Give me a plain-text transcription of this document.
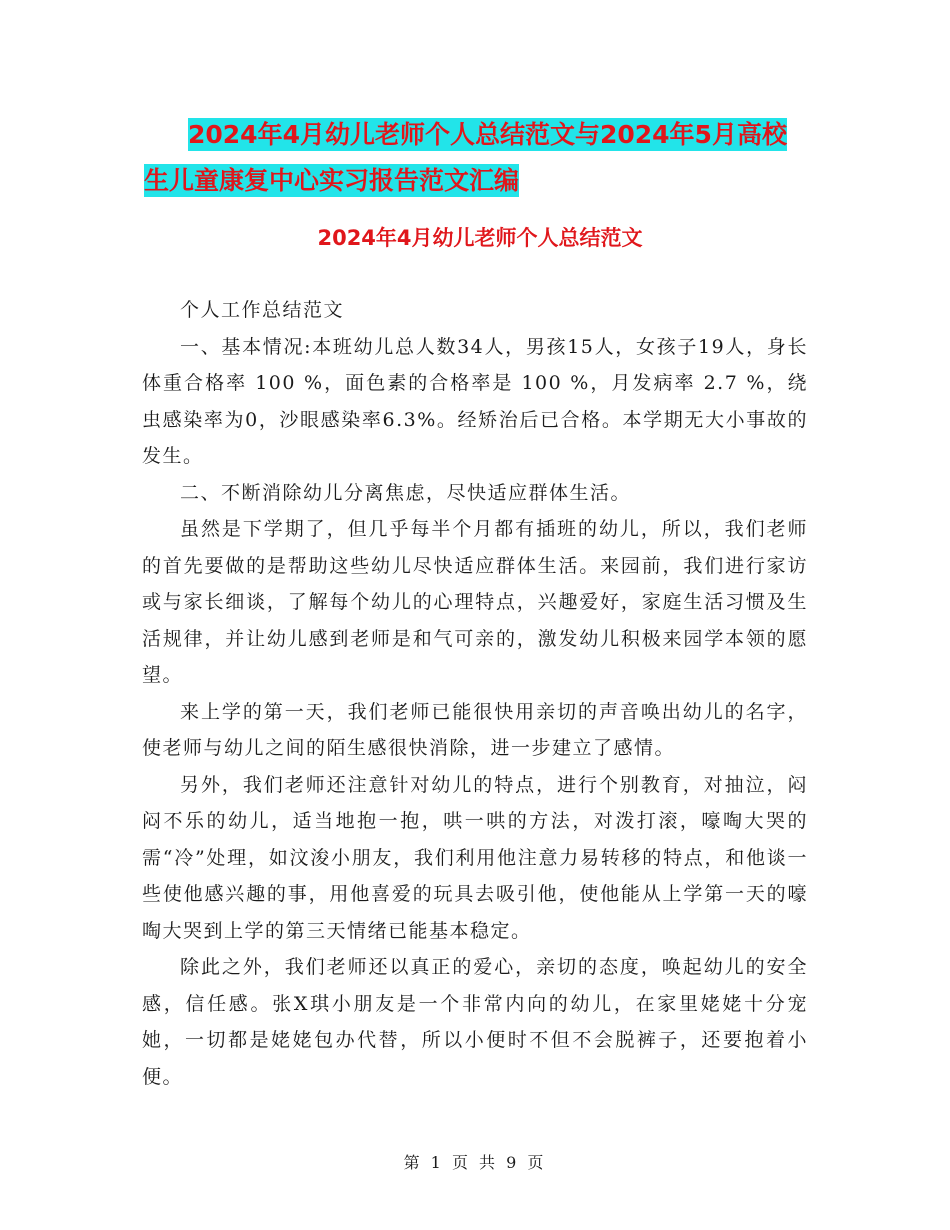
2024年4月幼儿老师个人总结范文与2024年5月高校
生儿童康复中心实习报告范文汇编
2024年4月幼儿老师个人总结范文

个人工作总结范文

一、基本情况:本班幼儿总人数34人，男孩15人，女孩子19人，身长体重合格率 100 %，面色素的合格率是 100 %，月发病率 2.7 %，绕虫感染率为0，沙眼感染率6.3%。经矫治后已合格。本学期无大小事故的发生。

二、不断消除幼儿分离焦虑，尽快适应群体生活。

虽然是下学期了，但几乎每半个月都有插班的幼儿，所以，我们老师的首先要做的是帮助这些幼儿尽快适应群体生活。来园前，我们进行家访或与家长细谈，了解每个幼儿的心理特点，兴趣爱好，家庭生活习惯及生活规律，并让幼儿感到老师是和气可亲的，激发幼儿积极来园学本领的愿望。

来上学的第一天，我们老师已能很快用亲切的声音唤出幼儿的名字，使老师与幼儿之间的陌生感很快消除，进一步建立了感情。

另外，我们老师还注意针对幼儿的特点，进行个别教育，对抽泣，闷闷不乐的幼儿，适当地抱一抱，哄一哄的方法，对泼打滚，嚎啕大哭的需“冷”处理，如汶浚小朋友，我们利用他注意力易转移的特点，和他谈一些使他感兴趣的事，用他喜爱的玩具去吸引他，使他能从上学第一天的嚎啕大哭到上学的第三天情绪已能基本稳定。

除此之外，我们老师还以真正的爱心，亲切的态度，唤起幼儿的安全感，信任感。张X琪小朋友是一个非常内向的幼儿，在家里姥姥十分宠她，一切都是姥姥包办代替，所以小便时不但不会脱裤子，还要抱着小便。

第 1 页 共 9 页
